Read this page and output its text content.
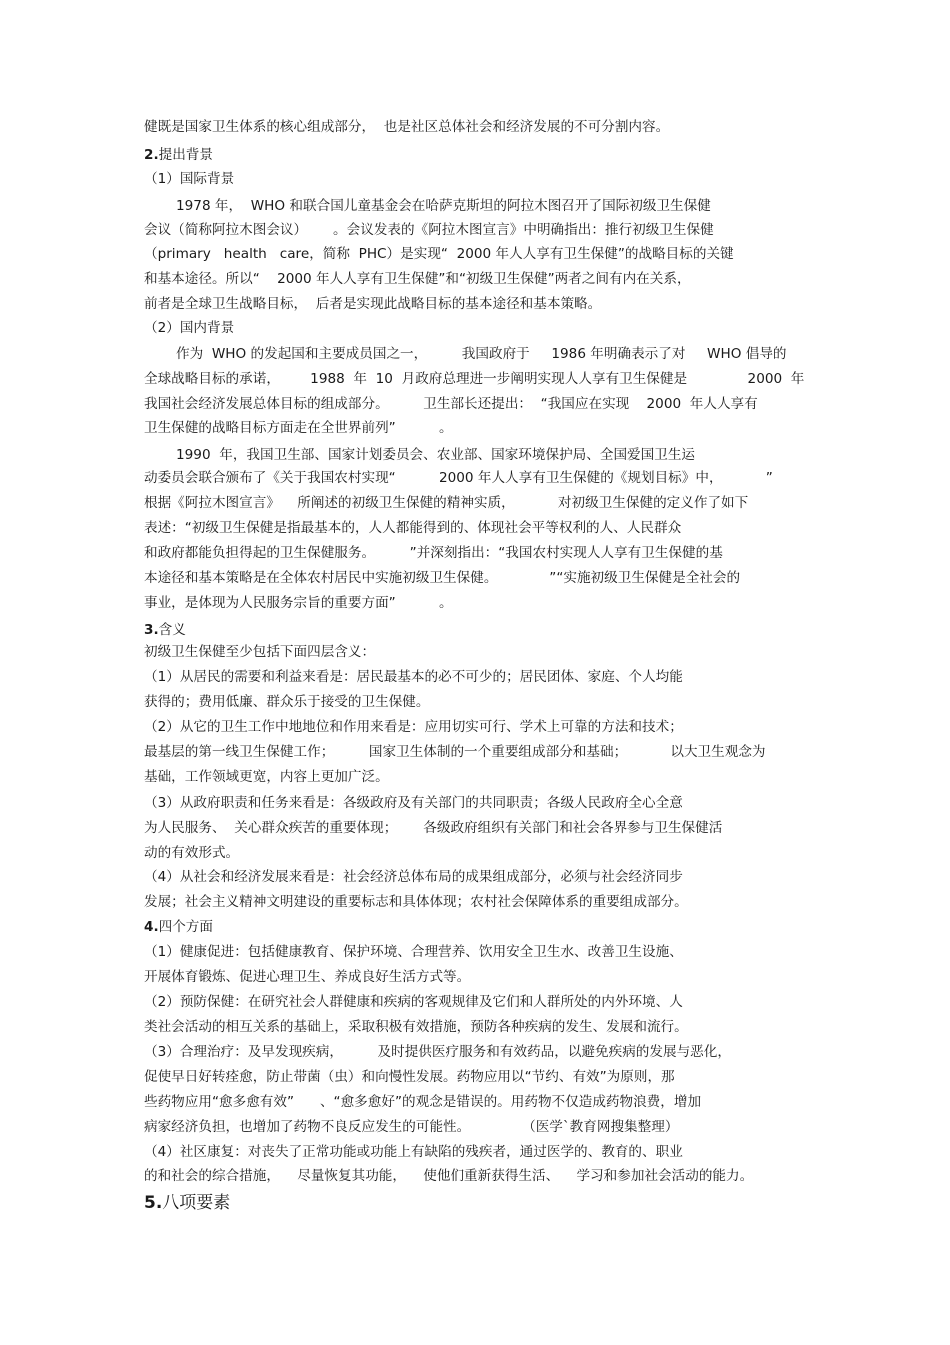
健既是国家卫生体系的核心组成部分，  也是社区总体社会和经济发展的不可分割内容。
2.提出背景
（1）国际背景
1978 年，  WHO 和联合国儿童基金会在哈萨克斯坦的阿拉木图召开了国际初级卫生保健
会议（简称阿拉木图会议）      。会议发表的《阿拉木图宣言》中明确指出：推行初级卫生保健
（primary   health   care，简称  PHC）是实现“  2000 年人人享有卫生保健”的战略目标的关键
和基本途径。所以“    2000 年人人享有卫生保健”和“初级卫生保健”两者之间有内在关系，
前者是全球卫生战略目标，  后者是实现此战略目标的基本途径和基本策略。
（2）国内背景
作为  WHO 的发起国和主要成员国之一，        我国政府于     1986 年明确表示了对     WHO 倡导的
全球战略目标的承诺，       1988  年  10  月政府总理进一步阐明实现人人享有卫生保健是              2000  年
我国社会经济发展总体目标的组成部分。        卫生部长还提出：  “我国应在实现    2000  年人人享有
卫生保健的战略目标方面走在全世界前列”          。
1990  年，我国卫生部、国家计划委员会、农业部、国家环境保护局、全国爱国卫生运
动委员会联合颁布了《关于我国农村实现“          2000 年人人享有卫生保健的《规划目标》中，          ”
根据《阿拉木图宣言》    所阐述的初级卫生保健的精神实质，          对初级卫生保健的定义作了如下
表述：“初级卫生保健是指最基本的，人人都能得到的、体现社会平等权利的人、人民群众
和政府都能负担得起的卫生保健服务。        ”并深刻指出：“我国农村实现人人享有卫生保健的基
本途径和基本策略是在全体农村居民中实施初级卫生保健。            ”“实施初级卫生保健是全社会的
事业，是体现为人民服务宗旨的重要方面”          。
3.含义
初级卫生保健至少包括下面四层含义：
（1）从居民的需要和利益来看是：居民最基本的必不可少的；居民团体、家庭、个人均能
获得的；费用低廉、群众乐于接受的卫生保健。
（2）从它的卫生工作中地地位和作用来看是：应用切实可行、学术上可靠的方法和技术；
最基层的第一线卫生保健工作；        国家卫生体制的一个重要组成部分和基础；          以大卫生观念为
基础，工作领域更宽，内容上更加广泛。
（3）从政府职责和任务来看是：各级政府及有关部门的共同职责；各级人民政府全心全意
为人民服务、  关心群众疾苦的重要体现；      各级政府组织有关部门和社会各界参与卫生保健活
动的有效形式。
（4）从社会和经济发展来看是：社会经济总体布局的成果组成部分，必须与社会经济同步
发展；社会主义精神文明建设的重要标志和具体体现；农村社会保障体系的重要组成部分。
4.四个方面
（1）健康促进：包括健康教育、保护环境、合理营养、饮用安全卫生水、改善卫生设施、
开展体育锻炼、促进心理卫生、养成良好生活方式等。
（2）预防保健：在研究社会人群健康和疾病的客观规律及它们和人群所处的内外环境、人
类社会活动的相互关系的基础上，采取积极有效措施，预防各种疾病的发生、发展和流行。
（3）合理治疗：及早发现疾病，        及时提供医疗服务和有效药品，以避免疾病的发展与恶化，
促使早日好转痊愈，防止带菌（虫）和向慢性发展。药物应用以“节约、有效”为原则，那
些药物应用“愈多愈有效”      、“愈多愈好”的观念是错误的。用药物不仅造成药物浪费，增加
病家经济负担，也增加了药物不良反应发生的可能性。            （医学`教育网搜集整理）
（4）社区康复：对丧失了正常功能或功能上有缺陷的残疾者，通过医学的、教育的、职业
的和社会的综合措施，    尽量恢复其功能，    使他们重新获得生活、    学习和参加社会活动的能力。
5.八项要素
